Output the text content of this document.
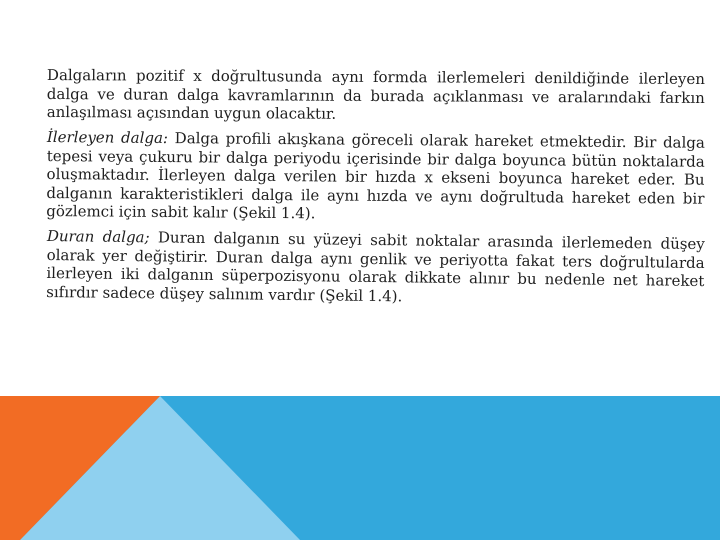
Dalgaların pozitif x doğrultusunda aynı formda ilerlemeleri denildiğinde ilerleyen dalga ve duran dalga kavramlarının da burada açıklanması ve aralarındaki farkın anlaşılması açısından uygun olacaktır.

İlerleyen dalga: Dalga profili akışkana göreceli olarak hareket etmektedir. Bir dalga tepesi veya çukuru bir dalga periyodu içerisinde bir dalga boyunca bütün noktalarda oluşmaktadır. İlerleyen dalga verilen bir hızda x ekseni boyunca hareket eder. Bu dalganın karakteristikleri dalga ile aynı hızda ve aynı doğrultuda hareket eden bir gözlemci için sabit kalır (Şekil 1.4).

Duran dalga; Duran dalganın su yüzeyi sabit noktalar arasında ilerlemeden düşey olarak yer değiştirir. Duran dalga aynı genlik ve periyotta fakat ters doğrultularda ilerleyen iki dalganın süperpozisyonu olarak dikkate alınır bu nedenle net hareket sıfırdır sadece düşey salınım vardır (Şekil 1.4).
